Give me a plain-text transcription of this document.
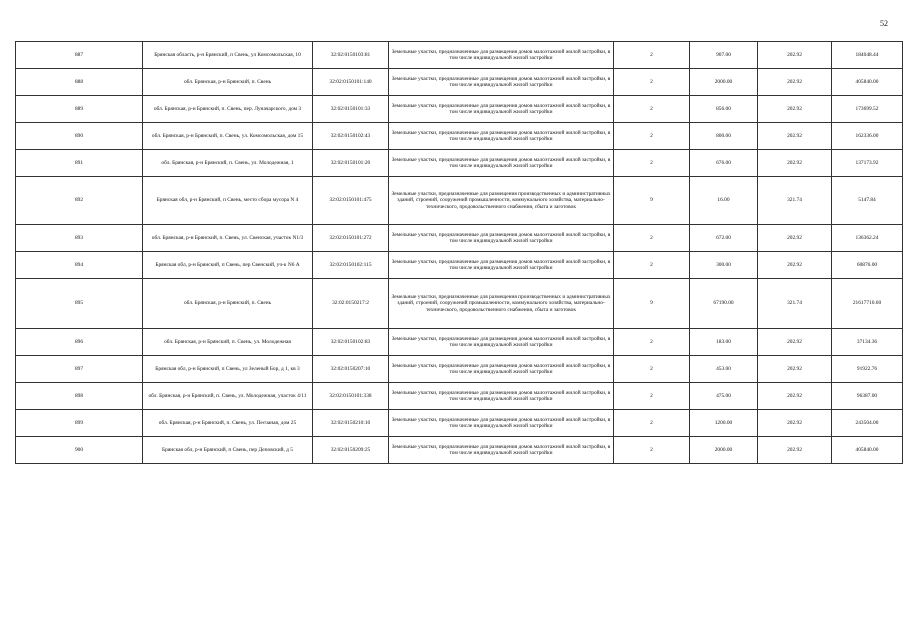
52
887	Брянская область, р-н Брянский, п Свень, ул Комсомольская, 10	32:02:0150103:81	Земельные участки, предназначенные для размещения домов малоэтажной жилой застройки, в том числе индивидуальной жилой застройки	2	907.00	202.92	184048.44
888	обл. Брянская, р-н Брянский, п. Свень	32:02:0150101:140	Земельные участки, предназначенные для размещения домов малоэтажной жилой застройки, в том числе индивидуальной жилой застройки	2	2000.00	202.92	405840.00
889	обл. Брянская, р-н Брянский, п. Свень, пер. Луначарского, дом 3	32:02:0150101:33	Земельные участки, предназначенные для размещения домов малоэтажной жилой застройки, в том числе индивидуальной жилой застройки	2	856.00	202.92	173699.52
890	обл. Брянская, р-н Брянский, п. Свень, ул. Комсомольская, дом 15	32:02:0150102:43	Земельные участки, предназначенные для размещения домов малоэтажной жилой застройки, в том числе индивидуальной жилой застройки	2	800.00	202.92	162336.00
891	обл. Брянская, р-н Брянский, п. Свень, ул. Молодежная, 1	32:02:0150101:20	Земельные участки, предназначенные для размещения домов малоэтажной жилой застройки, в том числе индивидуальной жилой застройки	2	676.00	202.92	137173.92
892	Брянская обл, р-н Брянский, п Свень, место сбора мусора N 4	32:02:0150101:475	Земельные участки, предназначенные для размещения производственных и административных зданий, строений, сооружений промышленности, коммунального хозяйства, материально-технического, продовольственного снабжения, сбыта и заготовок	9	16.00	321.74	5147.84
893	обл. Брянская, р-н Брянский, п. Свень, ул. Свенская, участок N1/3	32:02:0150101:272	Земельные участки, предназначенные для размещения домов малоэтажной жилой застройки, в том числе индивидуальной жилой застройки	2	672.00	202.92	136362.24
894	Брянская обл, р-н Брянский, п Свень, пер Свенский, уч-к N6 А	32:02:0150102:115	Земельные участки, предназначенные для размещения домов малоэтажной жилой застройки, в том числе индивидуальной жилой застройки	2	300.00	202.92	60876.00
895	обл. Брянская, р-н Брянский, п. Свень	32:02:0150217:2	Земельные участки, предназначенные для размещения производственных и административных зданий, строений, сооружений промышленности, коммунального хозяйства, материально-технического, продовольственного снабжения, сбыта и заготовок	9	67190.00	321.74	21617710.60
896	обл. Брянская, р-н Брянский, п. Свень, ул. Молодежная	32:02:0150102:83	Земельные участки, предназначенные для размещения домов малоэтажной жилой застройки, в том числе индивидуальной жилой застройки	2	183.00	202.92	37134.36
897	Брянская обл, р-н Брянский, п Свень, ул Зеленый Бор, д 1, кв 3	32:02:0150207:10	Земельные участки, предназначенные для размещения домов малоэтажной жилой застройки, в том числе индивидуальной жилой застройки	2	453.00	202.92	91922.76
898	обл. Брянская, р-н Брянский, п. Свень, ул. Молодежная, участок 4/11	32:02:0150101:338	Земельные участки, предназначенные для размещения домов малоэтажной жилой застройки, в том числе индивидуальной жилой застройки	2	475.00	202.92	96387.00
899	обл. Брянская, р-н Брянский, п. Свень, ул. Песчаная, дом 25	32:02:0150210:10	Земельные участки, предназначенные для размещения домов малоэтажной жилой застройки, в том числе индивидуальной жилой застройки	2	1200.00	202.92	243504.00
900	Брянская обл, р-н Брянский, п Свень, пер Деповский, д 5	32:02:0150209:25	Земельные участки, предназначенные для размещения домов малоэтажной жилой застройки, в том числе индивидуальной жилой застройки	2	2000.00	202.92	405840.00
